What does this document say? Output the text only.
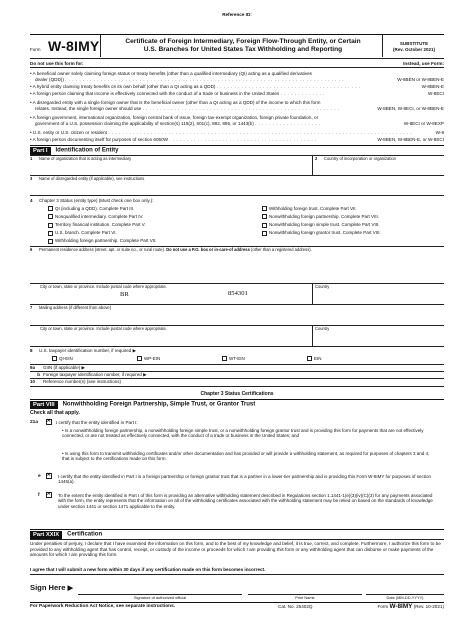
Reference ID:
Form W-8IMY	Certificate of Foreign Intermediary, Foreign Flow-Through Entity, or Certain
U.S. Branches for United States Tax Withholding and Reporting
SUBSTITUTE
(Rev. October 2021)
Do not use this form for:	Instead, use Form:
• A beneficial owner solely claiming foreign status or treaty benefits (other than a qualified intermediary (QI) acting as a qualified derivatives
dealer (QDD)) . . . . . . . . . . . . . . . . . . . . . . . . . . . . . . . . . . . . . . . . . . . . . . . . . . . . . . . . . . . . . . . . . . . . . . . . . . . . . . .	W-8BEN or W-8BEN-E
• A hybrid entity claiming treaty benefits on its own behalf (other than a QI acting as a QDD) . . . . . . . . . . . . . . . . . . . . . . . . . . . . . . . . . . . . . . . . .	W-8BEN-E
• A foreign person claiming that income is effectively connected with the conduct of a trade or business in the United States . . . . . . . . . . . . .	W-8ECI
• A disregarded entity with a single foreign owner that is the beneficial owner (other than a QI acting as a QDD) of the income to which this form
relates. Instead, the single foreign owner should use . . . . . . . . . . . . . . . . . . . . . . . . . . . . . . . . . . . . . . . . . . . . . . . . . . . . . . . .	W-8BEN, W-8ECI, or W-8BEN-E
• A foreign government, international organization, foreign central bank of issue, foreign tax-exempt organization, foreign private foundation, or
government of a U.S. possession claiming the applicability of section(s) 115(2), 501(c), 892, 895, or 1443(b) . . . . . . . . . . . . . . . . . . .	W-8ECI or W-8EXP
• U.S. entity or U.S. citizen or resident . . . . . . . . . . . . . . . . . . . . . . . . . . . . . . . . . . . . . . . . . . . . . . . . . . . . . . . . . . . . . . . . . . . . . . . . . . . . . . . . . . . . . .	W-9
• A foreign person documenting itself for purposes of section 6050W . . . . . . . . . . . . . . . . . . . . . . . . . . . . . . . . . . . . . . . . . .	W-8BEN, W-8BEN-E, or W-8ECI
Part I Identification of Entity
1 Name of organization that is acting as intermediary	2 Country of incorporation or organization
3 Name of disregarded entity (if applicable), see instructions
4 Chapter 3 Status (entity type) (Must check one box only.):
QI (including a QDD). Complete Part III.
Nonqualified intermediary. Complete Part IV.
Territory financial institution. Complete Part V.
U.S. branch. Complete Part VI.
Withholding foreign partnership. Complete Part VII.
Withholding foreign trust. Complete Part VII.
Nonwithholding foreign partnership. Complete Part VIII.
Nonwithholding foreign simple trust. Complete Part VIII.
Nonwithholding foreign grantor trust. Complete Part VIII.
6 Permanent residence address (street, apt. or suite no., or rural route). Do not use a P.O. box or in-care-of address (other than a registered address).
City or town, state or province. Include postal code where appropriate.	Country
BR	854301
7 Mailing address (if different from above)
City or town, state or province. Include postal code where appropriate.	Country
8 U.S. taxpayer identification number, if required ▶
QI-EIN	WP-EIN	WT-EIN	EIN
9a GIIN (if applicable) ▶
b Foreign taxpayer identification number, if required ▶
10 Reference number(s) (see instructions)
Chapter 3 Status Certifications
Part VIII Nonwithholding Foreign Partnership, Simple Trust, or Grantor Trust
Check all that apply.
21a ✕	I certify that the entity identified in Part I:
• Is a nonwithholding foreign partnership, a nonwithholding foreign simple trust, or a nonwithholding foreign grantor trust and is providing this form for payments that are not effectively connected, or are not treated as effectively connected, with the conduct of a trade or business in the United States; and
• Is using this form to transmit withholding certificates and/or other documentation and has provided or will provide a withholding statement, as required for purposes of chapters 3 and 4, that is subject to the certifications made on this form.
e ✕	I certify that the entity identified in Part I is a foreign partnership or foreign grantor trust that is a partner in a lower-tier partnership and is providing this Form W-8IMY for purposes of section 1446(a).
f ✕	To the extent the entity identified in Part I of this form is providing an alternative withholding statement described in Regulations section 1.1441-1(e)(3)(iv)(C)(3) for any payments associated with the form, the entity represents that the information on all of the withholding certificates associated with the withholding statement may be relied on based on the standards of knowledge under section 1441 or section 1471 applicable to the entity.
Part XXIX Certification
Under penalties of perjury, I declare that I have examined the information on this form, and to the best of my knowledge and belief, it is true, correct, and complete. Furthermore, I authorize this form to be provided to any withholding agent that has control, receipt, or custody of the income or proceeds for which I am providing this form or any withholding agent that can disburse or make payments of the amounts for which I am providing this form.
I agree that I will submit a new form within 30 days if any certification made on this form becomes incorrect.
Sign Here ▶
Signature of authorized official	Print Name	Date (MM-DD-YYYY)
For Paperwork Reduction Act Notice, see separate instructions.	Cat. No. 25402Q	Form W-8IMY (Rev. 10-2021)
